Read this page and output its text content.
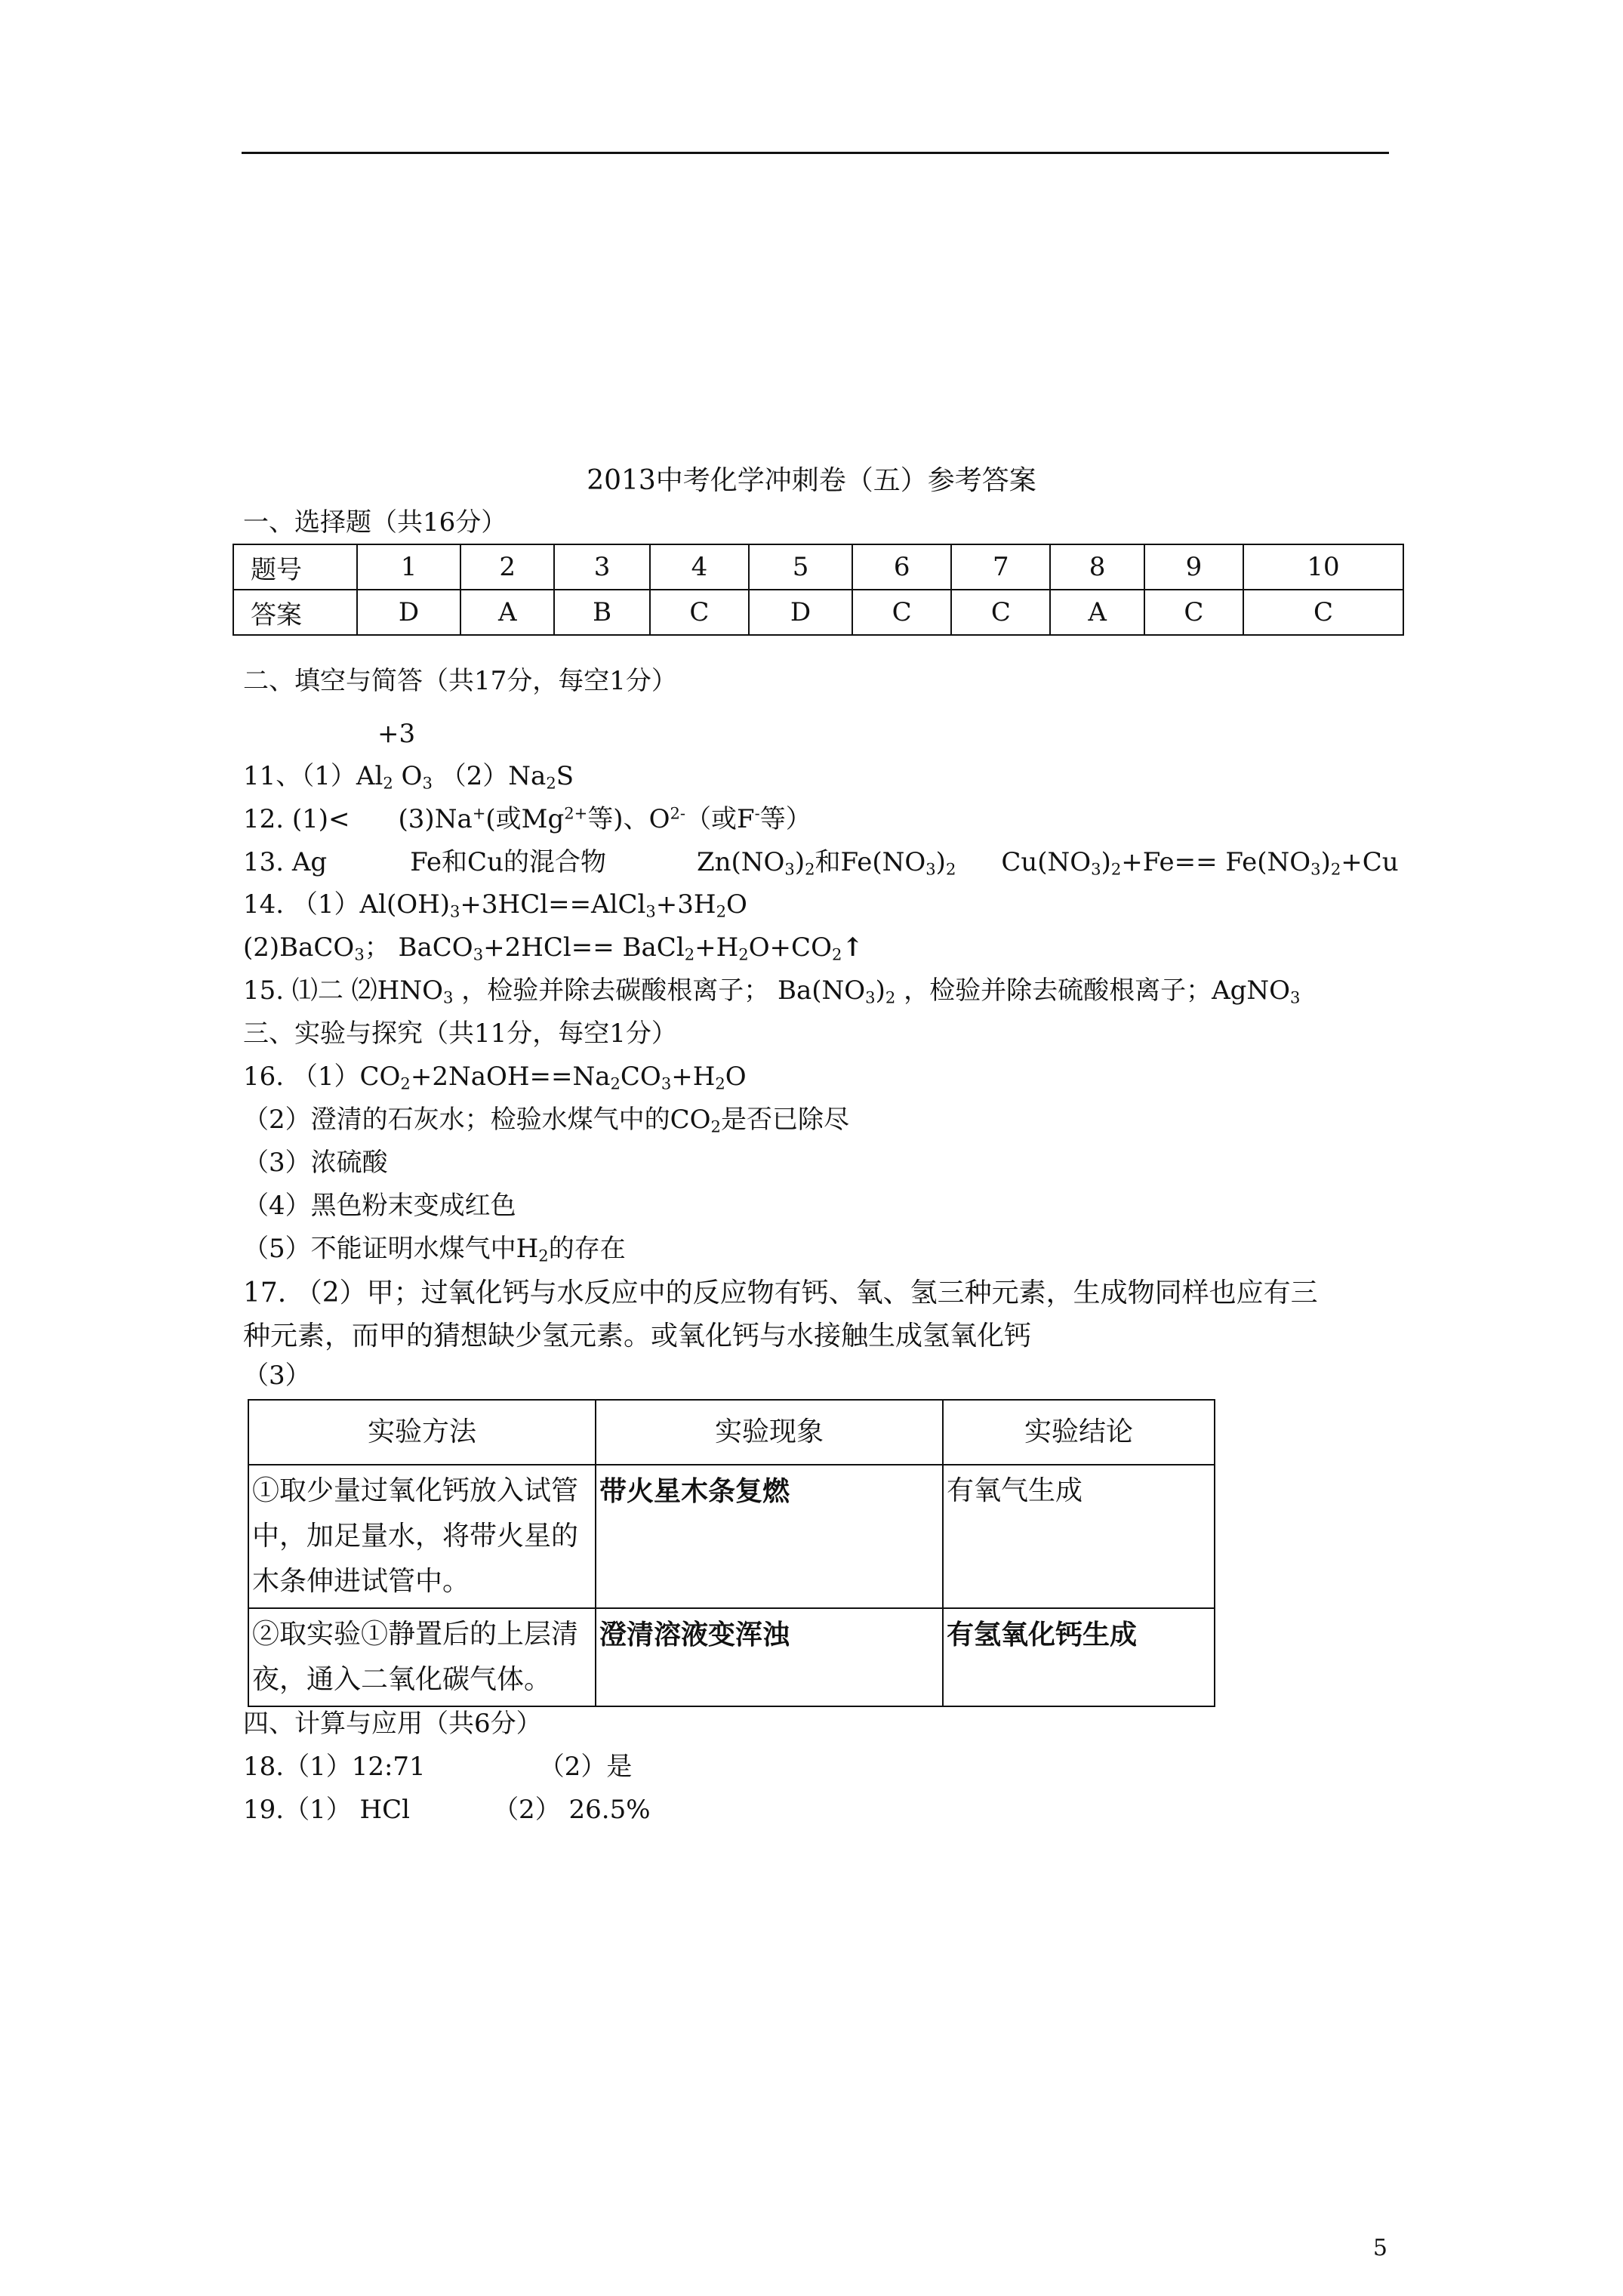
2013中考化学冲刺卷（五）参考答案
一、选择题（共16分）
题号	1	2	3	4	5	6	7	8	9	10
答案	D	A	B	C	D	C	C	A	C	C
二、填空与简答（共17分，每空1分）
+3
11、$(1)Al_2$ $O_3$ $(2)Na_2S$
12. (1)< (3)Na+(或$Mg^{2+}$等)、$O^{2-}$（或F-等）
13. Ag	Fe和Cu的混合物	$Zn(NO_3)_2$和$Fe(NO_3)_2$ $Cu(NO_3)_2+Fe== Fe(NO_3)_2+Cu$
14. $(1)Al(OH)_3+3HCl==AlCl_3+3H_2O$
(2)BaCO$_3$； BaCO$_3$+2HCl== $BaCl_2+H_2O+CO_2↑$
15. ⑴二 $⑵HNO_3$ ，检验并除去碳酸根离子； $Ba(NO_3)_2$ ，检验并除去硫酸根离子；AgNO$_3$
三、实验与探究（共11分，每空1分）
16. $(1)CO_2+2NaOH==Na_2CO_3+H_2O$
（2）澄清的石灰水；检验水煤气中的$CO_2$是否已除尽
（3）浓硫酸
（4）黑色粉末变成红色
（5）不能证明水煤气中$H_2$的存在
17. （2）甲；过氧化钙与水反应中的反应物有钙、氧、氢三种元素，生成物同样也应有三
种元素，而甲的猜想缺少氢元素。或氧化钙与水接触生成氢氧化钙
（3）
实验方法	实验现象	实验结论
①取少量过氧化钙放入试管中，加足量水，将带火星的木条伸进试管中。	带火星木条复燃	有氧气生成
②取实验①静置后的上层清夜，通入二氧化碳气体。	澄清溶液变浑浊	有氢氧化钙生成
四、计算与应用（共6分）
18.（1）12:71	（2）是
19.（1） HCl	（2） 26.5%
5
